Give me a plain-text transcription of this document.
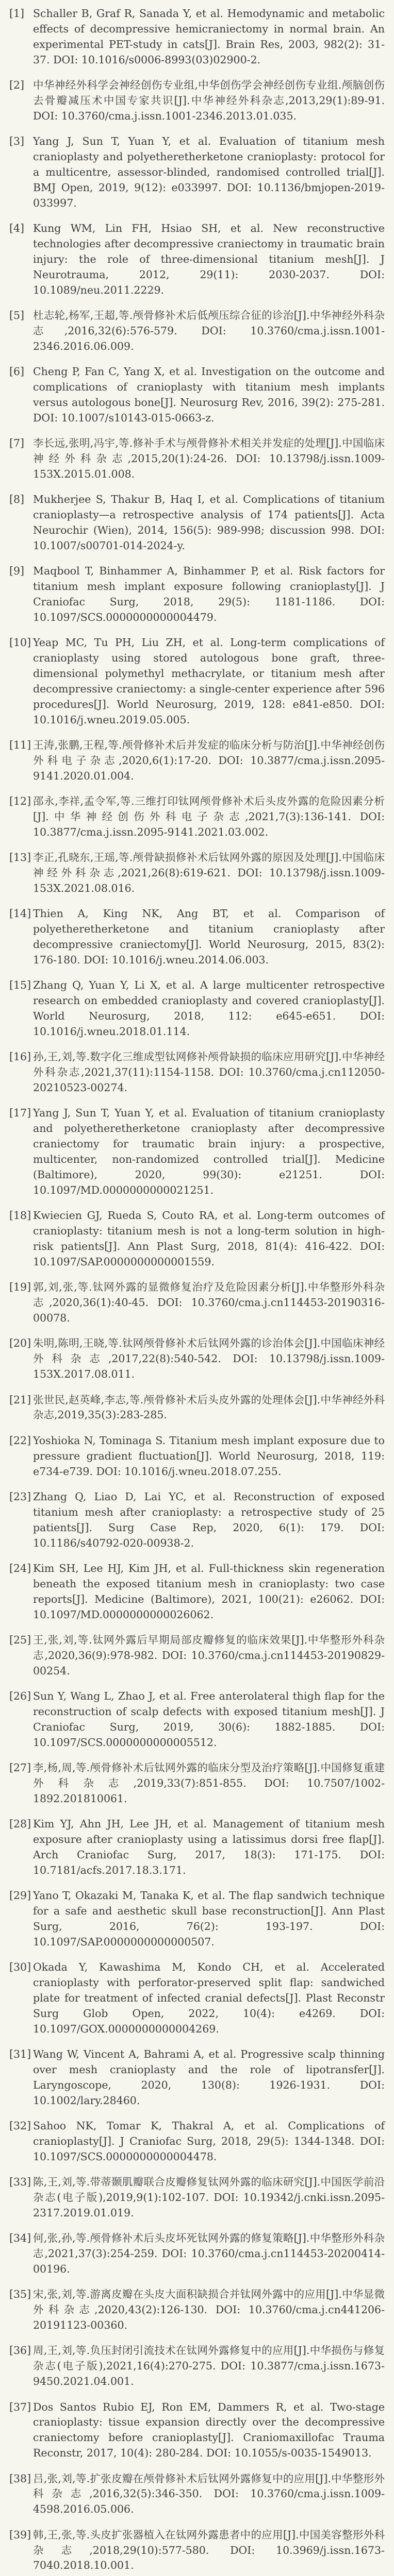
[1] Schaller B, Graf R, Sanada Y, et al. Hemodynamic and metabolic effects of decompressive hemicraniectomy in normal brain. An experimental PET-study in cats[J]. Brain Res, 2003, 982(2): 31-37. DOI: 10.1016/s0006-8993(03)02900-2.
[2] 中华神经外科学会神经创伤专业组,中华创伤学会神经创伤专业组.颅脑创伤去骨瓣减压术中国专家共识[J].中华神经外科杂志,2013,29(1):89-91. DOI: 10.3760/cma.j.issn.1001-2346.2013.01.035.
[3] Yang J, Sun T, Yuan Y, et al. Evaluation of titanium mesh cranioplasty and polyetheretherketone cranioplasty: protocol for a multicentre, assessor-blinded, randomised controlled trial[J]. BMJ Open, 2019, 9(12): e033997. DOI: 10.1136/bmjopen-2019-033997.
[4] Kung WM, Lin FH, Hsiao SH, et al. New reconstructive technologies after decompressive craniectomy in traumatic brain injury: the role of three-dimensional titanium mesh[J]. J Neurotrauma, 2012, 29(11): 2030-2037. DOI: 10.1089/neu.2011.2229.
[5] 杜志轮,杨军,王超,等.颅骨修补术后低颅压综合征的诊治[J].中华神经外科杂志,2016,32(6):576-579. DOI: 10.3760/cma.j.issn.1001-2346.2016.06.009.
[6] Cheng P, Fan C, Yang X, et al. Investigation on the outcome and complications of cranioplasty with titanium mesh implants versus autologous bone[J]. Neurosurg Rev, 2016, 39(2): 275-281. DOI: 10.1007/s10143-015-0663-z.
[7] 李长远,张明,冯宇,等.修补手术与颅骨修补术相关并发症的处理[J].中国临床神经外科杂志,2015,20(1):24-26. DOI: 10.13798/j.issn.1009-153X.2015.01.008.
[8] Mukherjee S, Thakur B, Haq I, et al. Complications of titanium cranioplasty—a retrospective analysis of 174 patients[J]. Acta Neurochir (Wien), 2014, 156(5): 989-998; discussion 998. DOI: 10.1007/s00701-014-2024-y.
[9] Maqbool T, Binhammer A, Binhammer P, et al. Risk factors for titanium mesh implant exposure following cranioplasty[J]. J Craniofac Surg, 2018, 29(5): 1181-1186. DOI: 10.1097/SCS.0000000000004479.
[10] Yeap MC, Tu PH, Liu ZH, et al. Long-term complications of cranioplasty using stored autologous bone graft, three-dimensional polymethyl methacrylate, or titanium mesh after decompressive craniectomy: a single-center experience after 596 procedures[J]. World Neurosurg, 2019, 128: e841-e850. DOI: 10.1016/j.wneu.2019.05.005.
[11] 王涛,张鹏,王程,等.颅骨修补术后并发症的临床分析与防治[J].中华神经创伤外科电子杂志,2020,6(1):17-20. DOI: 10.3877/cma.j.issn.2095-9141.2020.01.004.
[12] 邵永,李祥,孟令军,等.三维打印钛网颅骨修补术后头皮外露的危险因素分析[J].中华神经创伤外科电子杂志,2021,7(3):136-141. DOI: 10.3877/cma.j.issn.2095-9141.2021.03.002.
[13] 李正,孔晓东,王瑶,等.颅骨缺损修补术后钛网外露的原因及处理[J].中国临床神经外科杂志,2021,26(8):619-621. DOI: 10.13798/j.issn.1009-153X.2021.08.016.
[14] Thien A, King NK, Ang BT, et al. Comparison of polyetheretherketone and titanium cranioplasty after decompressive craniectomy[J]. World Neurosurg, 2015, 83(2): 176-180. DOI: 10.1016/j.wneu.2014.06.003.
[15] Zhang Q, Yuan Y, Li X, et al. A large multicenter retrospective research on embedded cranioplasty and covered cranioplasty[J]. World Neurosurg, 2018, 112: e645-e651. DOI: 10.1016/j.wneu.2018.01.114.
[16] 孙,王,刘,等.数字化三维成型钛网修补颅骨缺损的临床应用研究[J].中华神经外科杂志,2021,37(11):1154-1158. DOI: 10.3760/cma.j.cn112050-20210523-00274.
[17] Yang J, Sun T, Yuan Y, et al. Evaluation of titanium cranioplasty and polyetheretherketone cranioplasty after decompressive craniectomy for traumatic brain injury: a prospective, multicenter, non-randomized controlled trial[J]. Medicine (Baltimore), 2020, 99(30): e21251. DOI: 10.1097/MD.0000000000021251.
[18] Kwiecien GJ, Rueda S, Couto RA, et al. Long-term outcomes of cranioplasty: titanium mesh is not a long-term solution in high-risk patients[J]. Ann Plast Surg, 2018, 81(4): 416-422. DOI: 10.1097/SAP.0000000000001559.
[19] 郭,刘,张,等.钛网外露的显微修复治疗及危险因素分析[J].中华整形外科杂志,2020,36(1):40-45. DOI: 10.3760/cma.j.cn114453-20190316-00078.
[20] 朱明,陈明,王晓,等.钛网颅骨修补术后钛网外露的诊治体会[J].中国临床神经外科杂志,2017,22(8):540-542. DOI: 10.13798/j.issn.1009-153X.2017.08.011.
[21] 张世民,赵英峰,李志,等.颅骨修补术后头皮外露的处理体会[J].中华神经外科杂志,2019,35(3):283-285.
[22] Yoshioka N, Tominaga S. Titanium mesh implant exposure due to pressure gradient fluctuation[J]. World Neurosurg, 2018, 119: e734-e739. DOI: 10.1016/j.wneu.2018.07.255.
[23] Zhang Q, Liao D, Lai YC, et al. Reconstruction of exposed titanium mesh after cranioplasty: a retrospective study of 25 patients[J]. Surg Case Rep, 2020, 6(1): 179. DOI: 10.1186/s40792-020-00938-2.
[24] Kim SH, Lee HJ, Kim JH, et al. Full-thickness skin regeneration beneath the exposed titanium mesh in cranioplasty: two case reports[J]. Medicine (Baltimore), 2021, 100(21): e26062. DOI: 10.1097/MD.0000000000026062.
[25] 王,张,刘,等.钛网外露后早期局部皮瓣修复的临床效果[J].中华整形外科杂志,2020,36(9):978-982. DOI: 10.3760/cma.j.cn114453-20190829-00254.
[26] Sun Y, Wang L, Zhao J, et al. Free anterolateral thigh flap for the reconstruction of scalp defects with exposed titanium mesh[J]. J Craniofac Surg, 2019, 30(6): 1882-1885. DOI: 10.1097/SCS.0000000000005512.
[27] 李,杨,周,等.颅骨修补术后钛网外露的临床分型及治疗策略[J].中国修复重建外科杂志,2019,33(7):851-855. DOI: 10.7507/1002-1892.201810061.
[28] Kim YJ, Ahn JH, Lee JH, et al. Management of titanium mesh exposure after cranioplasty using a latissimus dorsi free flap[J]. Arch Craniofac Surg, 2017, 18(3): 171-175. DOI: 10.7181/acfs.2017.18.3.171.
[29] Yano T, Okazaki M, Tanaka K, et al. The flap sandwich technique for a safe and aesthetic skull base reconstruction[J]. Ann Plast Surg, 2016, 76(2): 193-197. DOI: 10.1097/SAP.0000000000000507.
[30] Okada Y, Kawashima M, Kondo CH, et al. Accelerated cranioplasty with perforator-preserved split flap: sandwiched plate for treatment of infected cranial defects[J]. Plast Reconstr Surg Glob Open, 2022, 10(4): e4269. DOI: 10.1097/GOX.0000000000004269.
[31] Wang W, Vincent A, Bahrami A, et al. Progressive scalp thinning over mesh cranioplasty and the role of lipotransfer[J]. Laryngoscope, 2020, 130(8): 1926-1931. DOI: 10.1002/lary.28460.
[32] Sahoo NK, Tomar K, Thakral A, et al. Complications of cranioplasty[J]. J Craniofac Surg, 2018, 29(5): 1344-1348. DOI: 10.1097/SCS.0000000000004478.
[33] 陈,王,刘,等.带蒂颞肌瓣联合皮瓣修复钛网外露的临床研究[J].中国医学前沿杂志(电子版),2019,9(1):102-107. DOI: 10.19342/j.cnki.issn.2095-2317.2019.01.019.
[34] 何,张,孙,等.颅骨修补术后头皮坏死钛网外露的修复策略[J].中华整形外科杂志,2021,37(3):254-259. DOI: 10.3760/cma.j.cn114453-20200414-00196.
[35] 宋,张,刘,等.游离皮瓣在头皮大面积缺损合并钛网外露中的应用[J].中华显微外科杂志,2020,43(2):126-130. DOI: 10.3760/cma.j.cn441206-20191123-00360.
[36] 周,王,刘,等.负压封闭引流技术在钛网外露修复中的应用[J].中华损伤与修复杂志(电子版),2021,16(4):270-275. DOI: 10.3877/cma.j.issn.1673-9450.2021.04.001.
[37] Dos Santos Rubio EJ, Ron EM, Dammers R, et al. Two-stage cranioplasty: tissue expansion directly over the decompressive craniectomy before cranioplasty[J]. Craniomaxillofac Trauma Reconstr, 2017, 10(4): 280-284. DOI: 10.1055/s-0035-1549013.
[38] 吕,张,刘,等.扩张皮瓣在颅骨修补术后钛网外露修复中的应用[J].中华整形外科杂志,2016,32(5):346-350. DOI: 10.3760/cma.j.issn.1009-4598.2016.05.006.
[39] 韩,王,张,等.头皮扩张器植入在钛网外露患者中的应用[J].中国美容整形外科杂志,2018,29(10):577-580. DOI: 10.3969/j.issn.1673-7040.2018.10.001.
